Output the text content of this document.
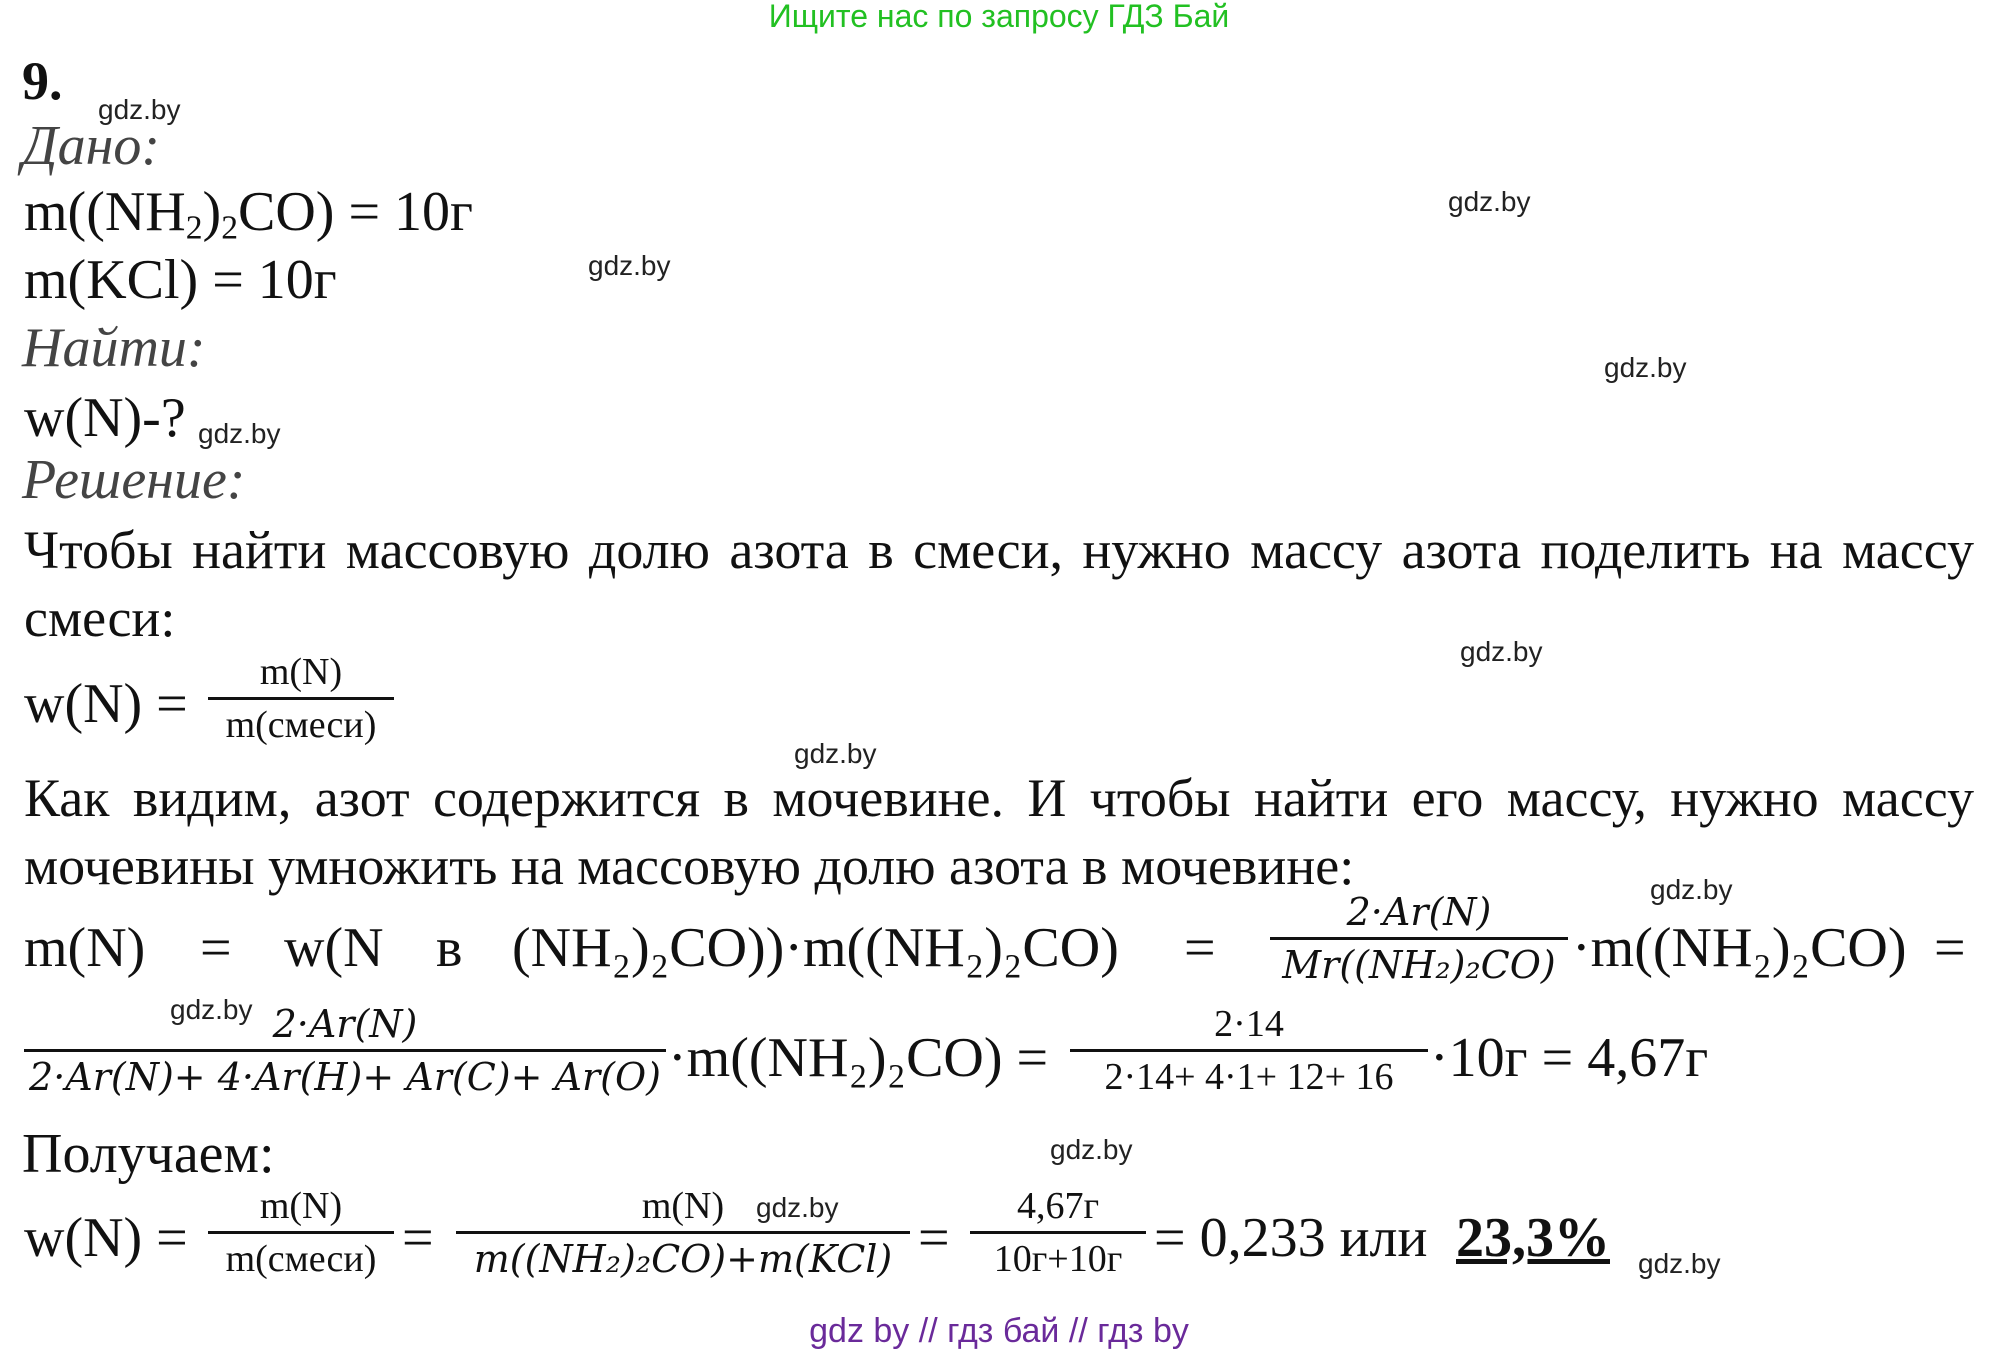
Ищите нас по запросу ГДЗ Бай
9. gdz.by
gdz.by
gdz.by
gdz.by
gdz.by
gdz.by
gdz.by
gdz.by
gdz.by
gdz.by
gdz.by
gdz.by
Дано:
$m((NH_2)_2CO) = 10г$
m(KCl) = 10г
Найти:
w(N)-?
Решение:
Чтобы найти массовую долю азота в смеси, нужно массу азота поделить на массу смеси:
w(N) =
m(N)
m(смеси)
Как видим, азот содержится в мочевине. И чтобы найти его массу, нужно массу мочевины умножить на массовую долю азота в мочевине:
m(N) = w(N в (NH₂)₂CO))·m((NH₂)₂CO) =	·m((NH₂)₂CO) =
2·Ar(N)
Mr((NH₂)₂CO)
2·Ar(N)
2·Ar(N)+ 4·Ar(H)+ Ar(C)+ Ar(O) ·m((NH₂)₂CO) =
2·14
2·14+ 4·1+ 12+ 16 ·10г = 4,67г
Получаем:
w(N) =
m(N)
m(смеси) =
m(N)
m((NH₂)₂CO)+m(KCl) =
4,67г
10г+10г = 0,233 или 23,3%
gdz by // гдз бай // гдз by
